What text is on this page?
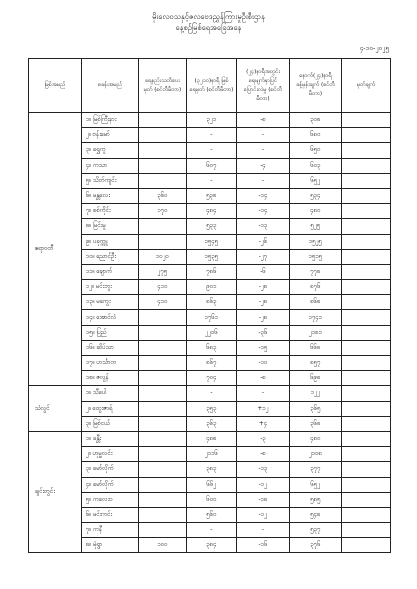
မိုးလေဝသနှင့်ဇလဗေဒညွှန်ကြားမှုဦးစီးဌာန
နေ့စဉ်မြစ်ရေအခြေအနေ
၄-၁၀-၂၀၂၅
မြစ်အမည်	စခန်းအမည်	ရေနည်းသတိပေးမှတ် (စင်တီမီတာ)	(၃၂၁၀)နာရီ မြစ်ရေမှတ် (စင်တီမီတာ)	(၂၄)နာရီအတွင်း ရေမျက်နှာပြင် ပြောင်းလဲမှု (စင်တီမီတာ)	နောက်(၂၄)နာရီ ခန့်မှန်းချက် (စင်တီမီတာ)	မှတ်ချက်
ဧရာဝတီ	၁။ မြစ်ကြီးနား		၃၂၁	-၈	၃၀၈	
	၂။ ဗန်းမော်		-	-	၆၈၀	
	၃။ ရွှေကူ		-	-	၆၅၀	
	၄။ ကသာ		၆၀၇	-၄	၆၀၃	
	၅။ သိတ်ကျင်း		-	-	၆၅၂	
	၆။ မန္တလေး	၃၆၀	၅၃၈	-၁၄	၅၃၄	
	၇။ စစ်ကိုင်း	၁၇၀	၄၈၄	-၁၄	၄၈၀	
	၈။ မြင်းမူ		၅၃၃	-၁၃	၅၂၅	
	၉။ ပခုက္ကူ		၁၅၄၅	-၂၆	၁၅၂၅	
	၁၀။ ညောင်ဦး	၁၀၂၀	၁၅၃၅	-၂၇	၁၅၁၅	
	၁၁။ ချောက်	၂၇၅	၇၈၆	-၆	၇၇၈	
	၁၂။ မင်းဘူး	၄၁၀	၉၀၁	-၂၈	၈၇၆	
	၁၃။ မကွေး	၄၁၀	၈၆၃	-၂၈	၈၆၈	
	၁၄။ အောင်လံ		၁၇၆၁	-၂၈	၁၇၄၁	
	၁၅။ ပြည်		၂၂၀၆	-၃၆	၂၁၈၁	
	၁၆။ ဆိပ်သာ		၆၈၃	-၁၅	၆၆၈	
	၁၇။ ဟင်္သာတ		၈၆၇	-၁၀	၈၅၇	
	၁၈။ ဇလွန်		၇၀၄	-၈	၆၉၈	
သံလွင်	၁။ သီပေါ		-	-	၁၂၂	
	၂။ ထွေးဇာရ်		၃၅၃	+၁၂	၃၆၅	
	၃။ မြစ်ငယ်		၃၆၃	+၄	၃၆၈	
ချင်းတွင်း	၁။ ခန္တီး		၄၈၈	-၃	၄၈၀	
	၂။ ဟုမ္မလင်း		၂၁၁၆	-၈	၂၁၀၈	
	၃။ မော်လိုက်		၃၈၃	-၁၃	၃၇၇	
	၄။ မော်လိုက်		၆၆၂	-၁၂	၆၅၂	
	၅။ ကလေးဝ		၆၀၀	-၁၈	၅၈၅	
	၆။ မင်းကင်း		၅၆၀	-၁၂	၅၄၈	
	၇။ ကနီ		-	-	၅၃၇	
	၈။ မုံရွာ	၁၀၀	၃၈၄	-၁၆	၃၇၆	
